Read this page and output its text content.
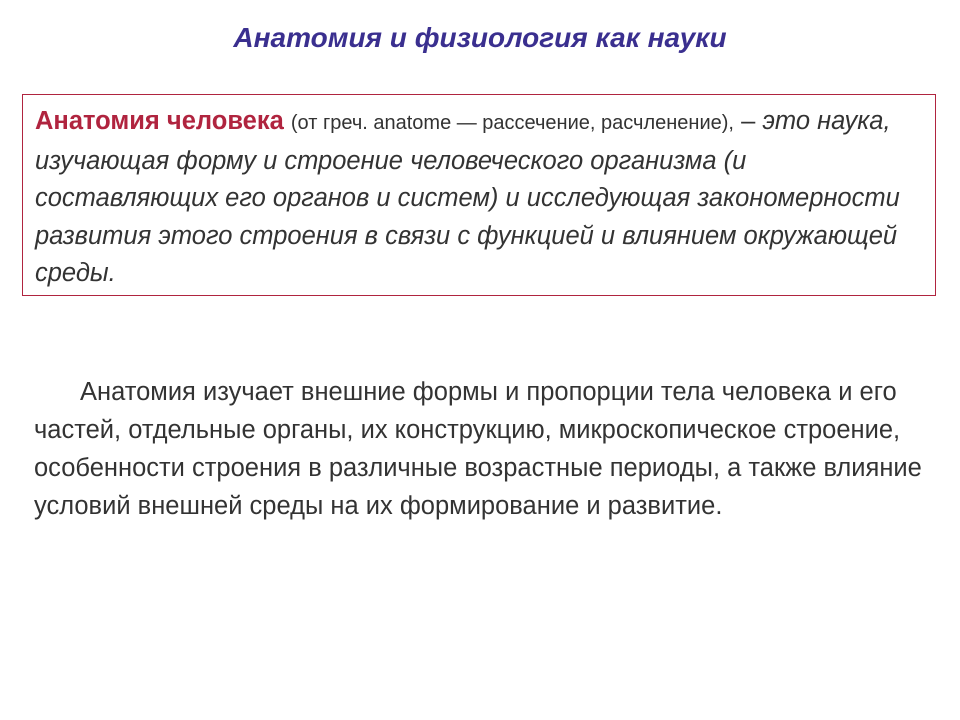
Анатомия и физиология как науки

Анатомия человека (от греч. anatome — рассечение, расчленение), – это наука, изучающая форму и строение человеческого организма (и составляющих его органов и систем) и исследующая закономерности развития этого строения в связи с функцией и влиянием окружающей среды.

Анатомия изучает внешние формы и пропорции тела человека и его частей, отдельные органы, их конструкцию, микроскопическое строение, особенности строения в различные возрастные периоды, а также влияние условий внешней среды на их формирование и развитие.
